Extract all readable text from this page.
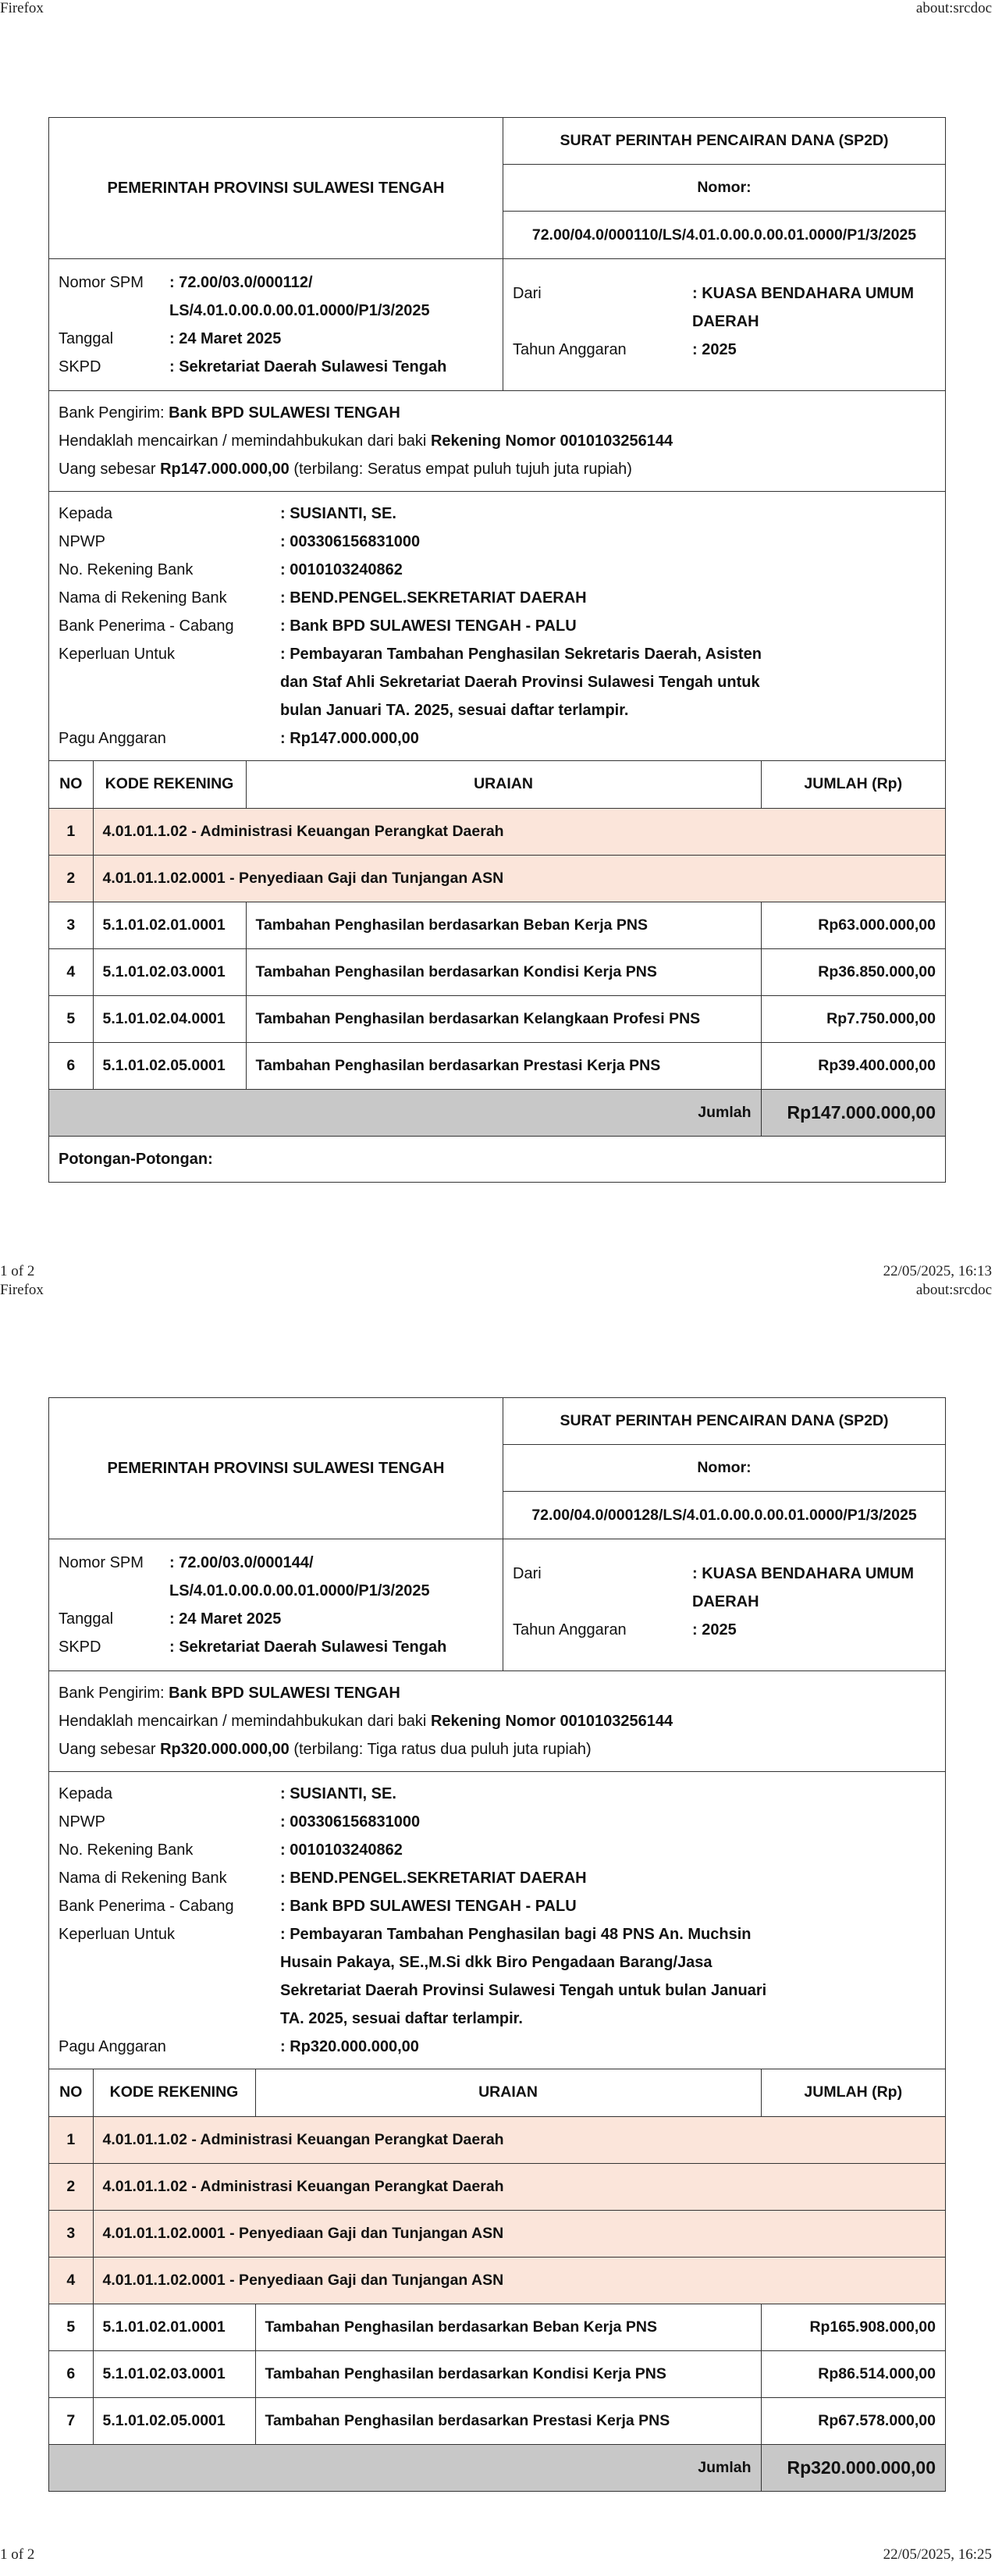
Firefox	about:srcdoc
1 of 2	22/05/2025, 16:13
Firefox	about:srcdoc
1 of 2	22/05/2025, 16:25
PEMERINTAH PROVINSI SULAWESI TENGAH
SURAT PERINTAH PENCAIRAN DANA (SP2D)
Nomor:
72.00/04.0/000110/LS/4.01.0.00.0.00.01.0000/P1/3/2025
Nomor SPM	: 72.00/03.0/000112/
LS/4.01.0.00.0.00.01.0000/P1/3/2025
Tanggal	: 24 Maret 2025
SKPD	: Sekretariat Daerah Sulawesi Tengah
Dari	: KUASA BENDAHARA UMUM
DAERAH
Tahun Anggaran	: 2025
Bank Pengirim: Bank BPD SULAWESI TENGAH
Hendaklah mencairkan / memindahbukukan dari baki Rekening Nomor 0010103256144
Uang sebesar Rp147.000.000,00 (terbilang: Seratus empat puluh tujuh juta rupiah)
Kepada	: SUSIANTI, SE.
NPWP	: 003306156831000
No. Rekening Bank	: 0010103240862
Nama di Rekening Bank	: BEND.PENGEL.SEKRETARIAT DAERAH
Bank Penerima - Cabang	: Bank BPD SULAWESI TENGAH - PALU
Keperluan Untuk	: Pembayaran Tambahan Penghasilan Sekretaris Daerah, Asisten dan Staf Ahli Sekretariat Daerah Provinsi Sulawesi Tengah untuk bulan Januari TA. 2025, sesuai daftar terlampir.
Pagu Anggaran	: Rp147.000.000,00
NO	KODE REKENING	URAIAN	JUMLAH (Rp)
1	4.01.01.1.02 - Administrasi Keuangan Perangkat Daerah		
2	4.01.01.1.02.0001 - Penyediaan Gaji dan Tunjangan ASN		
3	5.1.01.02.01.0001	Tambahan Penghasilan berdasarkan Beban Kerja PNS	Rp63.000.000,00
4	5.1.01.02.03.0001	Tambahan Penghasilan berdasarkan Kondisi Kerja PNS	Rp36.850.000,00
5	5.1.01.02.04.0001	Tambahan Penghasilan berdasarkan Kelangkaan Profesi PNS	Rp7.750.000,00
6	5.1.01.02.05.0001	Tambahan Penghasilan berdasarkan Prestasi Kerja PNS	Rp39.400.000,00
Jumlah			Rp147.000.000,00
Potongan-Potongan:
PEMERINTAH PROVINSI SULAWESI TENGAH
SURAT PERINTAH PENCAIRAN DANA (SP2D)
Nomor:
72.00/04.0/000128/LS/4.01.0.00.0.00.01.0000/P1/3/2025
Nomor SPM	: 72.00/03.0/000144/
LS/4.01.0.00.0.00.01.0000/P1/3/2025
Tanggal	: 24 Maret 2025
SKPD	: Sekretariat Daerah Sulawesi Tengah
Dari	: KUASA BENDAHARA UMUM
DAERAH
Tahun Anggaran	: 2025
Bank Pengirim: Bank BPD SULAWESI TENGAH
Hendaklah mencairkan / memindahbukukan dari baki Rekening Nomor 0010103256144
Uang sebesar Rp320.000.000,00 (terbilang: Tiga ratus dua puluh juta rupiah)
Kepada	: SUSIANTI, SE.
NPWP	: 003306156831000
No. Rekening Bank	: 0010103240862
Nama di Rekening Bank	: BEND.PENGEL.SEKRETARIAT DAERAH
Bank Penerima - Cabang	: Bank BPD SULAWESI TENGAH - PALU
Keperluan Untuk	: Pembayaran Tambahan Penghasilan bagi 48 PNS An. Muchsin Husain Pakaya, SE.,M.Si dkk Biro Pengadaan Barang/Jasa Sekretariat Daerah Provinsi Sulawesi Tengah untuk bulan Januari TA. 2025, sesuai daftar terlampir.
Pagu Anggaran	: Rp320.000.000,00
NO	KODE REKENING	URAIAN	JUMLAH (Rp)
1	4.01.01.1.02 - Administrasi Keuangan Perangkat Daerah		
2	4.01.01.1.02 - Administrasi Keuangan Perangkat Daerah		
3	4.01.01.1.02.0001 - Penyediaan Gaji dan Tunjangan ASN		
4	4.01.01.1.02.0001 - Penyediaan Gaji dan Tunjangan ASN		
5	5.1.01.02.01.0001	Tambahan Penghasilan berdasarkan Beban Kerja PNS	Rp165.908.000,00
6	5.1.01.02.03.0001	Tambahan Penghasilan berdasarkan Kondisi Kerja PNS	Rp86.514.000,00
7	5.1.01.02.05.0001	Tambahan Penghasilan berdasarkan Prestasi Kerja PNS	Rp67.578.000,00
Jumlah			Rp320.000.000,00
